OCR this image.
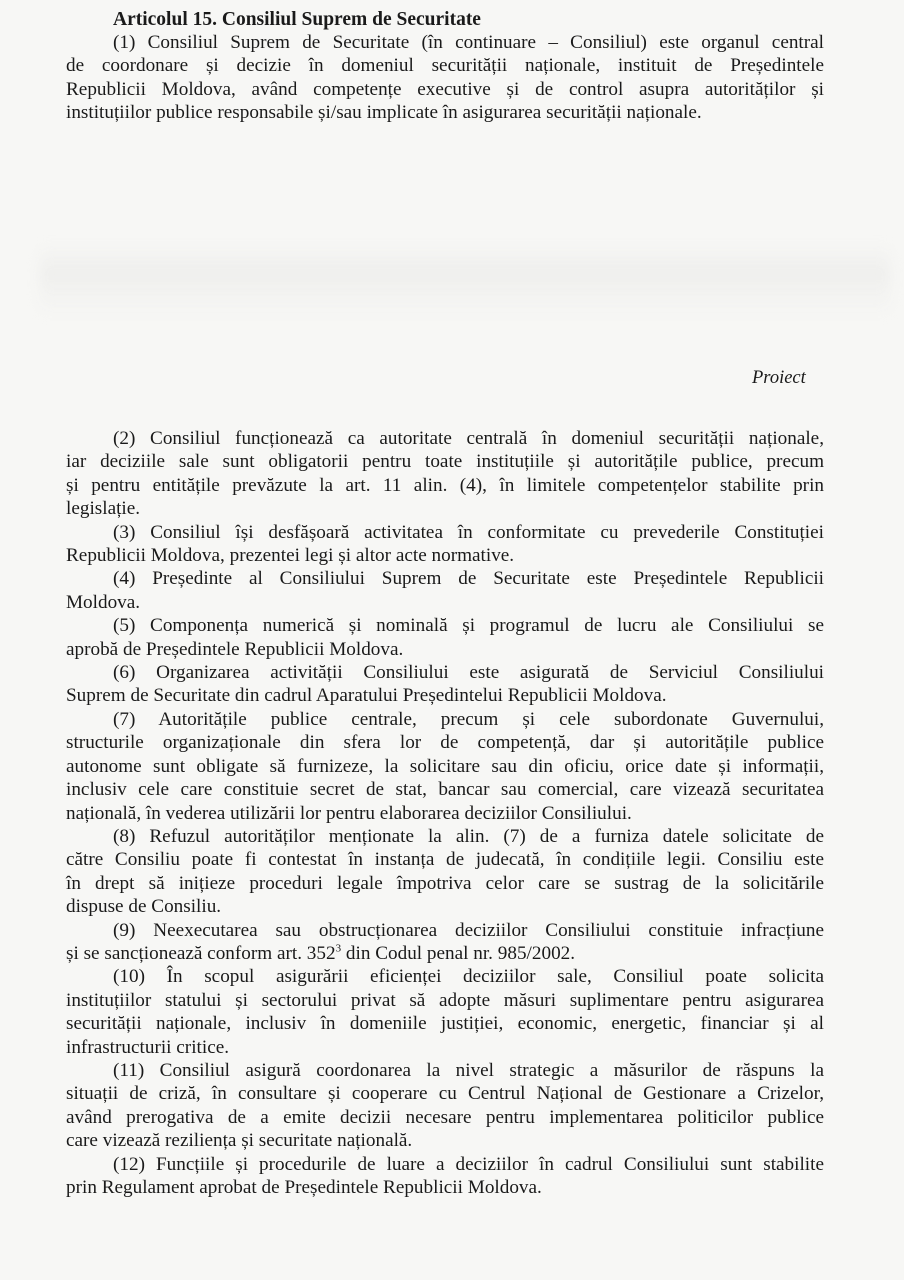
Articolul 15. Consiliul Suprem de Securitate

(1) Consiliul Suprem de Securitate (în continuare – Consiliul) este organul central

de coordonare și decizie în domeniul securității naționale, instituit de Președintele

Republicii Moldova, având competențe executive și de control asupra autorităților și

instituțiilor publice responsabile și/sau implicate în asigurarea securității naționale.

Proiect

(2) Consiliul funcționează ca autoritate centrală în domeniul securității naționale,

iar deciziile sale sunt obligatorii pentru toate instituțiile și autoritățile publice, precum

și pentru entitățile prevăzute la art. 11 alin. (4), în limitele competențelor stabilite prin

legislație.

(3) Consiliul își desfășoară activitatea în conformitate cu prevederile Constituției

Republicii Moldova, prezentei legi și altor acte normative.

(4) Președinte al Consiliului Suprem de Securitate este Președintele Republicii

Moldova.

(5) Componența numerică și nominală și programul de lucru ale Consiliului se

aprobă de Președintele Republicii Moldova.

(6) Organizarea activității Consiliului este asigurată de Serviciul Consiliului

Suprem de Securitate din cadrul Aparatului Președintelui Republicii Moldova.

(7) Autoritățile publice centrale, precum și cele subordonate Guvernului,

structurile organizaționale din sfera lor de competență, dar și autoritățile publice

autonome sunt obligate să furnizeze, la solicitare sau din oficiu, orice date și informații,

inclusiv cele care constituie secret de stat, bancar sau comercial, care vizează securitatea

națională, în vederea utilizării lor pentru elaborarea deciziilor Consiliului.

(8) Refuzul autorităților menționate la alin. (7) de a furniza datele solicitate de

către Consiliu poate fi contestat în instanța de judecată, în condițiile legii. Consiliu este

în drept să inițieze proceduri legale împotriva celor care se sustrag de la solicitările

dispuse de Consiliu.

(9) Neexecutarea sau obstrucționarea deciziilor Consiliului constituie infracțiune

și se sancționează conform art. $352^3$ din Codul penal nr. 985/2002.

(10) În scopul asigurării eficienței deciziilor sale, Consiliul poate solicita

instituțiilor statului și sectorului privat să adopte măsuri suplimentare pentru asigurarea

securității naționale, inclusiv în domeniile justiției, economic, energetic, financiar și al

infrastructurii critice.

(11) Consiliul asigură coordonarea la nivel strategic a măsurilor de răspuns la

situații de criză, în consultare și cooperare cu Centrul Național de Gestionare a Crizelor,

având prerogativa de a emite decizii necesare pentru implementarea politicilor publice

care vizează reziliența și securitate națională.

(12) Funcțiile și procedurile de luare a deciziilor în cadrul Consiliului sunt stabilite

prin Regulament aprobat de Președintele Republicii Moldova.
